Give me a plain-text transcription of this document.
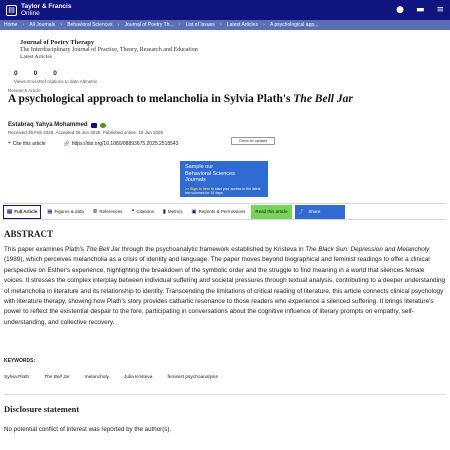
▤ Taylor & Francis
Online	● ▬ ≡
Home	›	All Journals	›	Behavioral Sciences	›	Journal of Poetry Th...	›	List of Issues	›	Latest Articles	›	A psychological app...
Journal of Poetry Therapy
The Interdisciplinary Journal of Practice, Theory, Research and Education
Latest Articles
0 0 0
Views CrossRef citations to date Altmetric
Research Article
A psychological approach to melancholia in Sylvia Plath's The Bell Jar
Estabraq Yahya Mohammed
Received 25 Feb 2025, Accepted 06 Jun 2025, Published online: 15 Jun 2025
Check for updates
❝ Cite this article	🔗 https://doi.org/10.1080/08893675.2025.2518543
Sample our
Behavioral Sciences
Journals
>> Sign in here to start your access to the latest two volumes for 14 days
▤ Full Article ▦ Figures & data ≣ References ❝ Citations ▮ Metrics ▣ Reprints & Permissions	Read this article	⤴
Share
ABSTRACT
This paper examines Plath's The Bell Jar through the psychoanalytic framework established by Kristeva in The Black Sun: Depression and Melancholy (1989), which perceives melancholia as a crisis of identity and language. The paper moves beyond biographical and feminist readings to offer a clinical perspective on Esther's experience, highlighting the breakdown of the symbolic order and the struggle to find meaning in a world that silences female voices. It stresses the complex interplay between individual suffering and societal pressures through textual analysis, contributing to a deeper understanding of melancholia in literature and its relationship to identity. Transcending the limitations of critical reading of literature, this article connects clinical psychology with literature therapy, showing how Plath's story provides cathartic resonance to those readers who experience a silenced suffering. It brings literature's power to reflect the existential despair to the fore, participating in conversations about the cognitive influence of literary prompts on empathy, self-understanding, and collective recovery.
KEYWORDS:
Sylvia Plath	The Bell Jar	melancholy	Julia Kristeva	feminist psychoanalysis
Disclosure statement
No potential conflict of interest was reported by the author(s).
